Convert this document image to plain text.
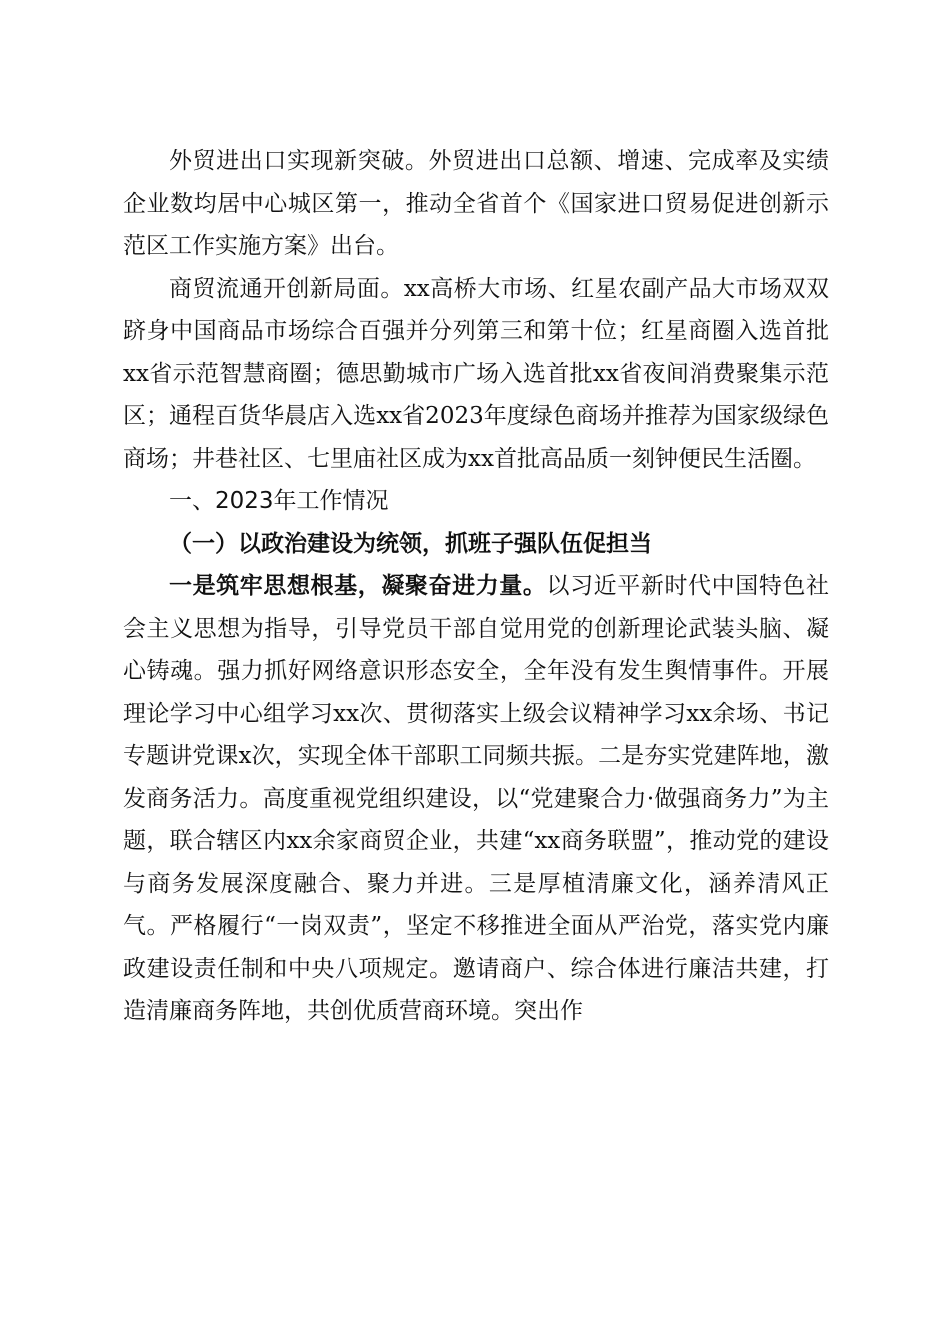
外贸进出口实现新突破。外贸进出口总额、增速、完成率及实绩企业数均居中心城区第一，推动全省首个《国家进口贸易促进创新示范区工作实施方案》出台。

商贸流通开创新局面。xx高桥大市场、红星农副产品大市场双双跻身中国商品市场综合百强并分列第三和第十位；红星商圈入选首批xx省示范智慧商圈；德思勤城市广场入选首批xx省夜间消费聚集示范区；通程百货华晨店入选xx省2023年度绿色商场并推荐为国家级绿色商场；井巷社区、七里庙社区成为xx首批高品质一刻钟便民生活圈。

一、2023年工作情况
（一）以政治建设为统领，抓班子强队伍促担当

一是筑牢思想根基，凝聚奋进力量。以习近平新时代中国特色社会主义思想为指导，引导党员干部自觉用党的创新理论武装头脑、凝心铸魂。强力抓好网络意识形态安全，全年没有发生舆情事件。开展理论学习中心组学习xx次、贯彻落实上级会议精神学习xx余场、书记专题讲党课x次，实现全体干部职工同频共振。二是夯实党建阵地，激发商务活力。高度重视党组织建设，以“党建聚合力·做强商务力”为主题，联合辖区内xx余家商贸企业，共建“xx商务联盟”，推动党的建设与商务发展深度融合、聚力并进。三是厚植清廉文化，涵养清风正气。严格履行“一岗双责”，坚定不移推进全面从严治党，落实党内廉政建设责任制和中央八项规定。邀请商户、综合体进行廉洁共建，打造清廉商务阵地，共创优质营商环境。突出作
